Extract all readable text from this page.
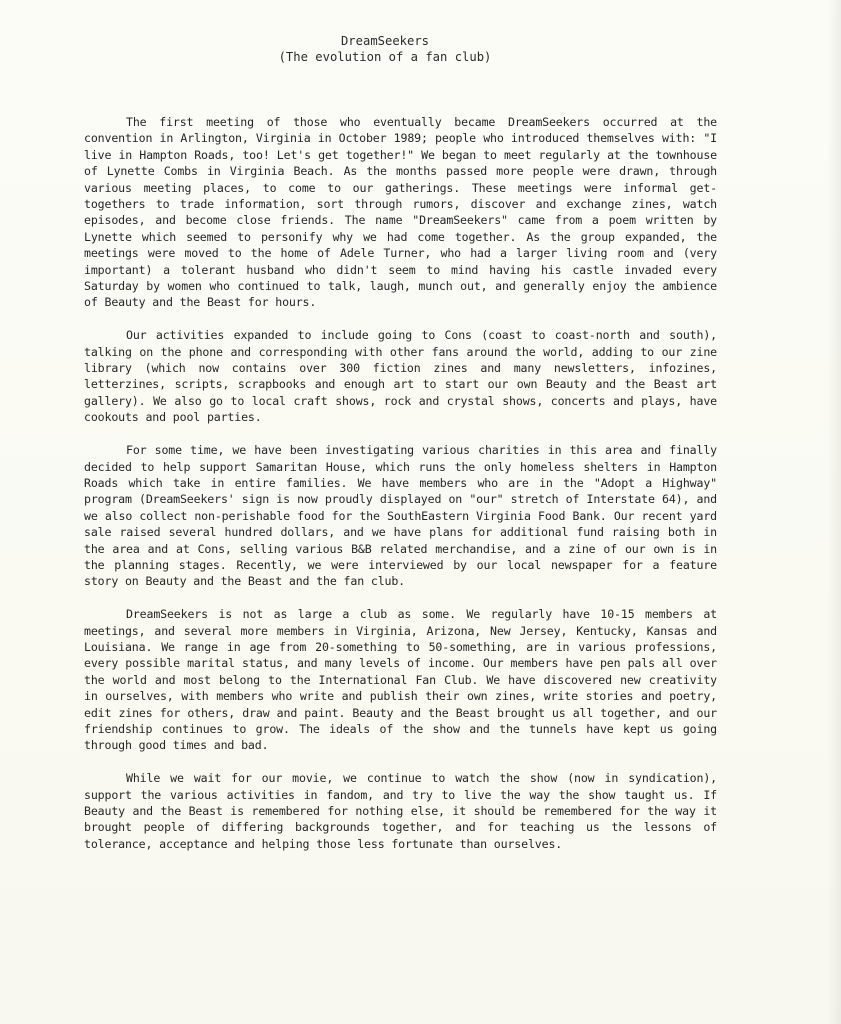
DreamSeekers
(The evolution of a fan club)

The first meeting of those who eventually became DreamSeekers occurred at the convention in Arlington, Virginia in October 1989; people who introduced themselves with: "I live in Hampton Roads, too! Let's get together!" We began to meet regularly at the townhouse of Lynette Combs in Virginia Beach. As the months passed more people were drawn, through various meeting places, to come to our gatherings. These meetings were informal get-togethers to trade information, sort through rumors, discover and exchange zines, watch episodes, and become close friends. The name "DreamSeekers" came from a poem written by Lynette which seemed to personify why we had come together. As the group expanded, the meetings were moved to the home of Adele Turner, who had a larger living room and (very important) a tolerant husband who didn't seem to mind having his castle invaded every Saturday by women who continued to talk, laugh, munch out, and generally enjoy the ambience of Beauty and the Beast for hours.

Our activities expanded to include going to Cons (coast to coast-north and south), talking on the phone and corresponding with other fans around the world, adding to our zine library (which now contains over 300 fiction zines and many newsletters, infozines, letterzines, scripts, scrapbooks and enough art to start our own Beauty and the Beast art gallery). We also go to local craft shows, rock and crystal shows, concerts and plays, have cookouts and pool parties.

For some time, we have been investigating various charities in this area and finally decided to help support Samaritan House, which runs the only homeless shelters in Hampton Roads which take in entire families. We have members who are in the "Adopt a Highway" program (DreamSeekers' sign is now proudly displayed on "our" stretch of Interstate 64), and we also collect non-perishable food for the SouthEastern Virginia Food Bank. Our recent yard sale raised several hundred dollars, and we have plans for additional fund raising both in the area and at Cons, selling various B&B related merchandise, and a zine of our own is in the planning stages. Recently, we were interviewed by our local newspaper for a feature story on Beauty and the Beast and the fan club.

DreamSeekers is not as large a club as some. We regularly have 10-15 members at meetings, and several more members in Virginia, Arizona, New Jersey, Kentucky, Kansas and Louisiana. We range in age from 20-something to 50-something, are in various professions, every possible marital status, and many levels of income. Our members have pen pals all over the world and most belong to the International Fan Club. We have discovered new creativity in ourselves, with members who write and publish their own zines, write stories and poetry, edit zines for others, draw and paint. Beauty and the Beast brought us all together, and our friendship continues to grow. The ideals of the show and the tunnels have kept us going through good times and bad.

While we wait for our movie, we continue to watch the show (now in syndication), support the various activities in fandom, and try to live the way the show taught us. If Beauty and the Beast is remembered for nothing else, it should be remembered for the way it brought people of differing backgrounds together, and for teaching us the lessons of tolerance, acceptance and helping those less fortunate than ourselves.
